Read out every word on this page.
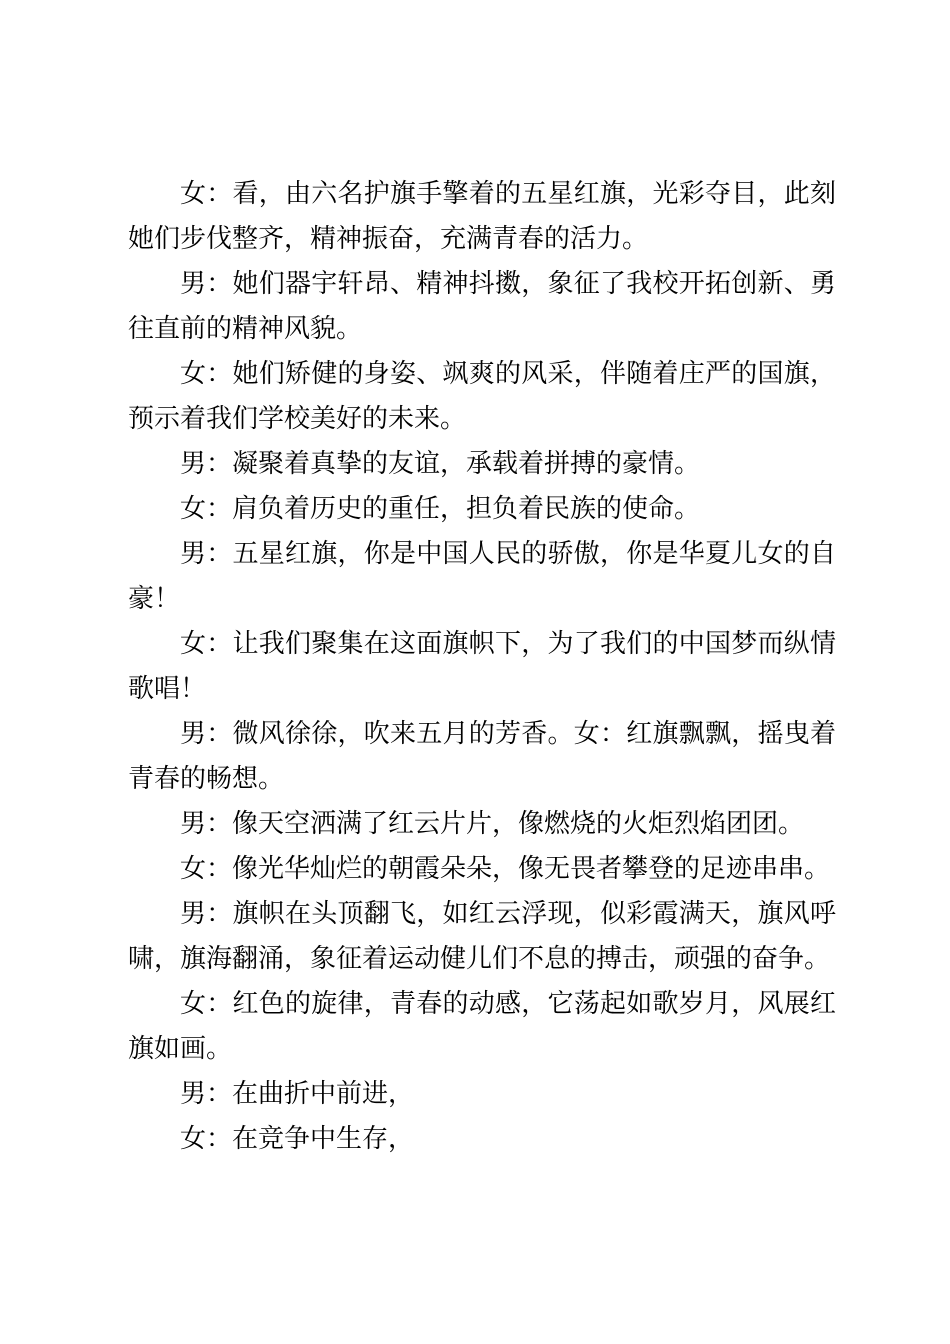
女：看，由六名护旗手擎着的五星红旗，光彩夺目，此刻她们步伐整齐，精神振奋，充满青春的活力。

男：她们器宇轩昂、精神抖擞，象征了我校开拓创新、勇往直前的精神风貌。

女：她们矫健的身姿、飒爽的风采，伴随着庄严的国旗，预示着我们学校美好的未来。

男：凝聚着真挚的友谊，承载着拼搏的豪情。

女：肩负着历史的重任，担负着民族的使命。

男：五星红旗，你是中国人民的骄傲，你是华夏儿女的自豪！

女：让我们聚集在这面旗帜下，为了我们的中国梦而纵情歌唱！

男：微风徐徐，吹来五月的芳香。女：红旗飘飘，摇曳着青春的畅想。

男：像天空洒满了红云片片，像燃烧的火炬烈焰团团。

女：像光华灿烂的朝霞朵朵，像无畏者攀登的足迹串串。

男：旗帜在头顶翻飞，如红云浮现，似彩霞满天，旗风呼啸，旗海翻涌，象征着运动健儿们不息的搏击，顽强的奋争。

女：红色的旋律，青春的动感，它荡起如歌岁月，风展红旗如画。

男：在曲折中前进，

女：在竞争中生存，
